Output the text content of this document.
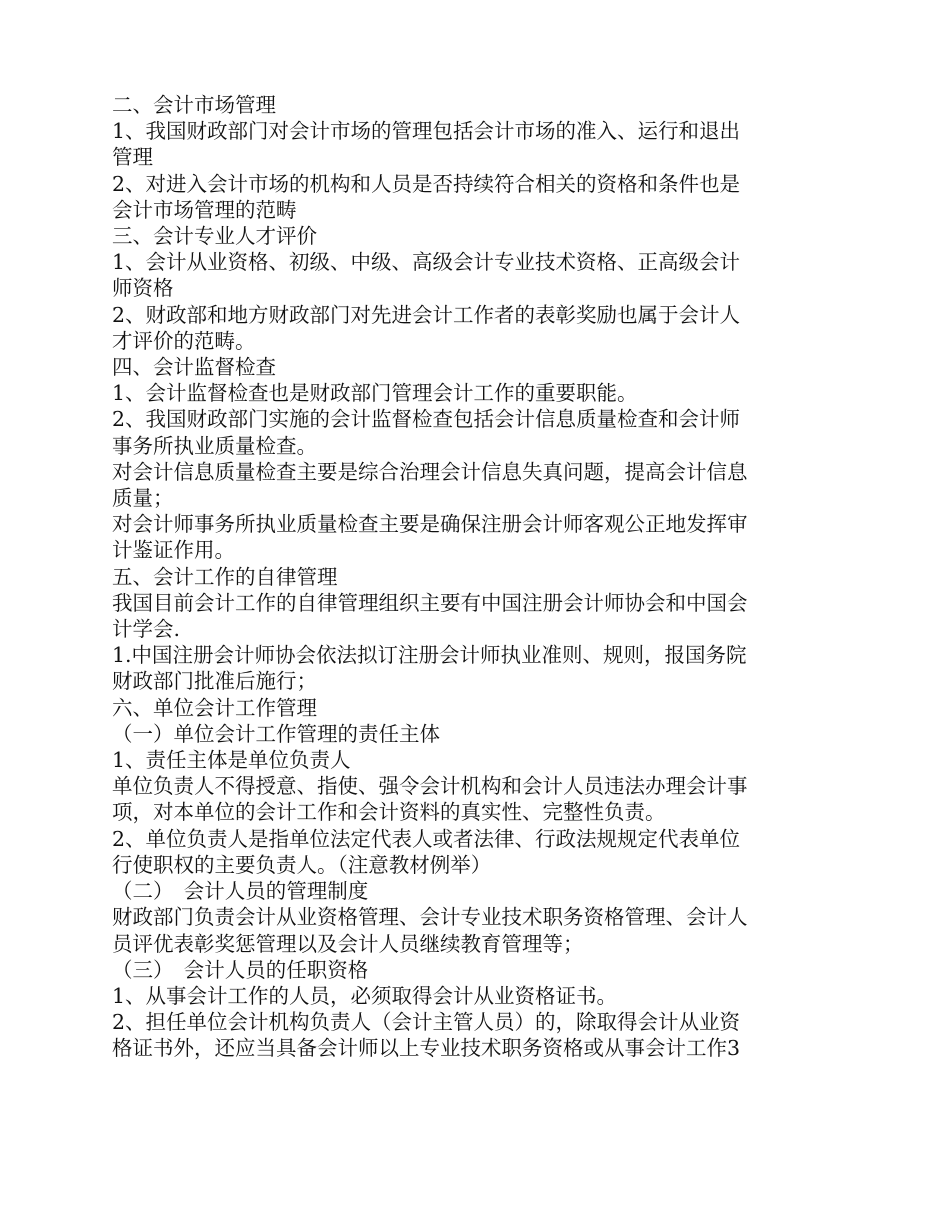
二、会计市场管理

1、我国财政部门对会计市场的管理包括会计市场的准入、运行和退出

管理

2、对进入会计市场的机构和人员是否持续符合相关的资格和条件也是

会计市场管理的范畴

三、会计专业人才评价

1、会计从业资格、初级、中级、高级会计专业技术资格、正高级会计

师资格

2、财政部和地方财政部门对先进会计工作者的表彰奖励也属于会计人

才评价的范畴。

四、会计监督检查

1、会计监督检查也是财政部门管理会计工作的重要职能。

2、我国财政部门实施的会计监督检查包括会计信息质量检查和会计师

事务所执业质量检查。

对会计信息质量检查主要是综合治理会计信息失真问题，提高会计信息

质量；

对会计师事务所执业质量检查主要是确保注册会计师客观公正地发挥审

计鉴证作用。

五、会计工作的自律管理

我国目前会计工作的自律管理组织主要有中国注册会计师协会和中国会

计学会.

1.中国注册会计师协会依法拟订注册会计师执业准则、规则，报国务院

财政部门批准后施行；

六、单位会计工作管理

（一）单位会计工作管理的责任主体

1、责任主体是单位负责人

单位负责人不得授意、指使、强令会计机构和会计人员违法办理会计事

项，对本单位的会计工作和会计资料的真实性、完整性负责。

2、单位负责人是指单位法定代表人或者法律、行政法规规定代表单位

行使职权的主要负责人。（注意教材例举）

（二）　会计人员的管理制度

财政部门负责会计从业资格管理、会计专业技术职务资格管理、会计人

员评优表彰奖惩管理以及会计人员继续教育管理等；

（三）　会计人员的任职资格

1、从事会计工作的人员，必须取得会计从业资格证书。

2、担任单位会计机构负责人（会计主管人员）的，除取得会计从业资

格证书外，还应当具备会计师以上专业技术职务资格或从事会计工作3
